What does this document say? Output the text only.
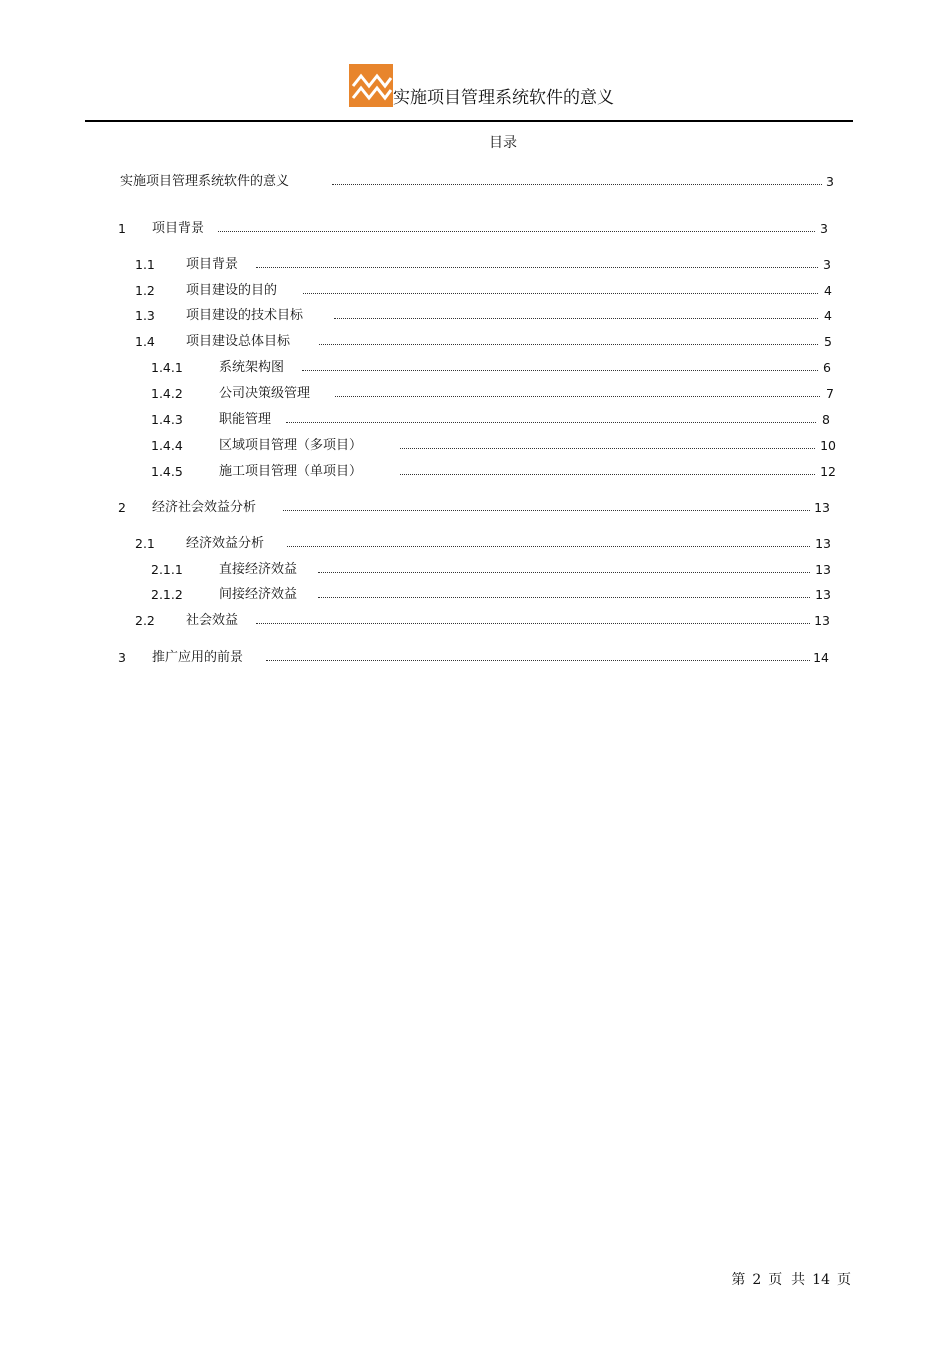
实施项目管理系统软件的意义
目录
实施项目管理系统软件的意义	3
1 项目背景	3
1.1 项目背景	3
1.2 项目建设的目的	4
1.3 项目建设的技术目标	4
1.4 项目建设总体目标	5
1.4.1	系统架构图	6
1.4.2	公司决策级管理	7
1.4.3	职能管理	8
1.4.4	区域项目管理（多项目）	10
1.4.5	施工项目管理（单项目）	12
2 经济社会效益分析	13
2.1 经济效益分析	13
2.1.1	直接经济效益	13
2.1.2	间接经济效益	13
2.2 社会效益	13
3 推广应用的前景	14
第 2 页  共 14 页
